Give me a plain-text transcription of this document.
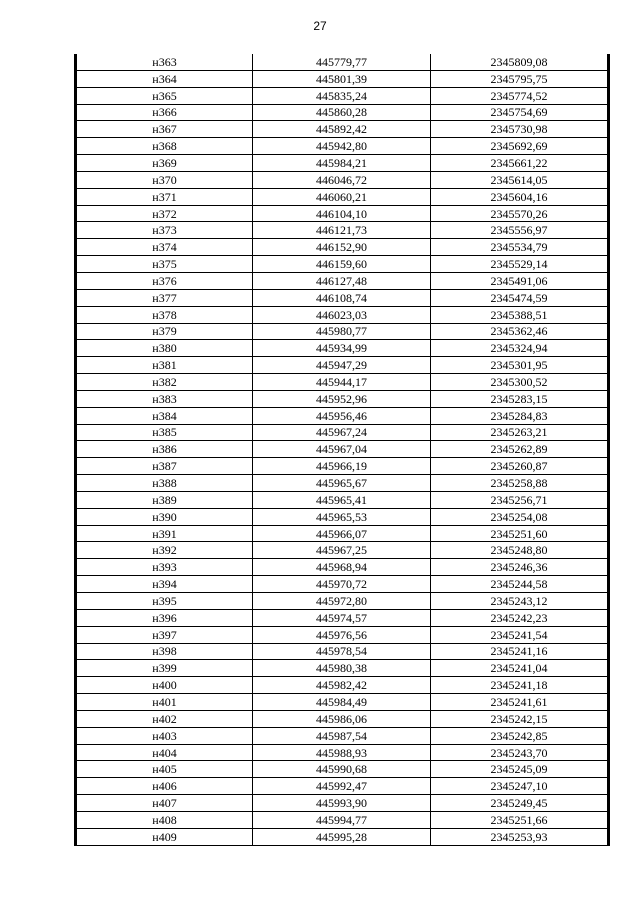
27
н363	445779,77	2345809,08
н364	445801,39	2345795,75
н365	445835,24	2345774,52
н366	445860,28	2345754,69
н367	445892,42	2345730,98
н368	445942,80	2345692,69
н369	445984,21	2345661,22
н370	446046,72	2345614,05
н371	446060,21	2345604,16
н372	446104,10	2345570,26
н373	446121,73	2345556,97
н374	446152,90	2345534,79
н375	446159,60	2345529,14
н376	446127,48	2345491,06
н377	446108,74	2345474,59
н378	446023,03	2345388,51
н379	445980,77	2345362,46
н380	445934,99	2345324,94
н381	445947,29	2345301,95
н382	445944,17	2345300,52
н383	445952,96	2345283,15
н384	445956,46	2345284,83
н385	445967,24	2345263,21
н386	445967,04	2345262,89
н387	445966,19	2345260,87
н388	445965,67	2345258,88
н389	445965,41	2345256,71
н390	445965,53	2345254,08
н391	445966,07	2345251,60
н392	445967,25	2345248,80
н393	445968,94	2345246,36
н394	445970,72	2345244,58
н395	445972,80	2345243,12
н396	445974,57	2345242,23
н397	445976,56	2345241,54
н398	445978,54	2345241,16
н399	445980,38	2345241,04
н400	445982,42	2345241,18
н401	445984,49	2345241,61
н402	445986,06	2345242,15
н403	445987,54	2345242,85
н404	445988,93	2345243,70
н405	445990,68	2345245,09
н406	445992,47	2345247,10
н407	445993,90	2345249,45
н408	445994,77	2345251,66
н409	445995,28	2345253,93
